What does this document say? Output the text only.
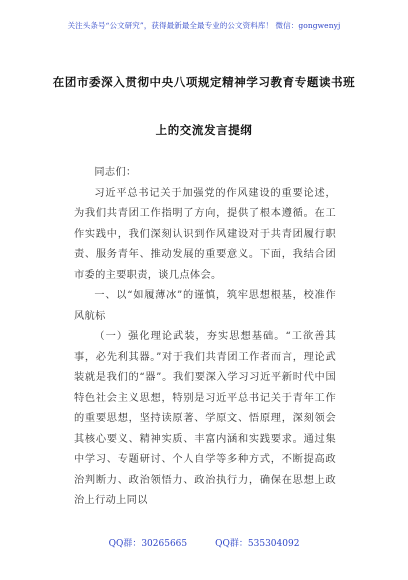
关注头条号“公文研究”，获得最新最全最专业的公文资料库！ 微信：gongwenyj
在团市委深入贯彻中央八项规定精神学习教育专题读书班
上的交流发言提纲

同志们：

习近平总书记关于加强党的作风建设的重要论述，为我们共青团工作指明了方向，提供了根本遵循。在工作实践中，我们深刻认识到作风建设对于共青团履行职责、服务青年、推动发展的重要意义。下面，我结合团市委的主要职责，谈几点体会。

一、以“如履薄冰”的谨慎，筑牢思想根基，校准作风航标

（一）强化理论武装，夯实思想基础。“工欲善其事，必先利其器。”对于我们共青团工作者而言，理论武装就是我们的“器”。我们要深入学习习近平新时代中国特色社会主义思想，特别是习近平总书记关于青年工作的重要思想，坚持读原著、学原文、悟原理，深刻领会其核心要义、精神实质、丰富内涵和实践要求。通过集中学习、专题研讨、个人自学等多种方式，不断提高政治判断力、政治领悟力、政治执行力，确保在思想上政治上行动上同以

QQ群：30265665	QQ群：535304092
